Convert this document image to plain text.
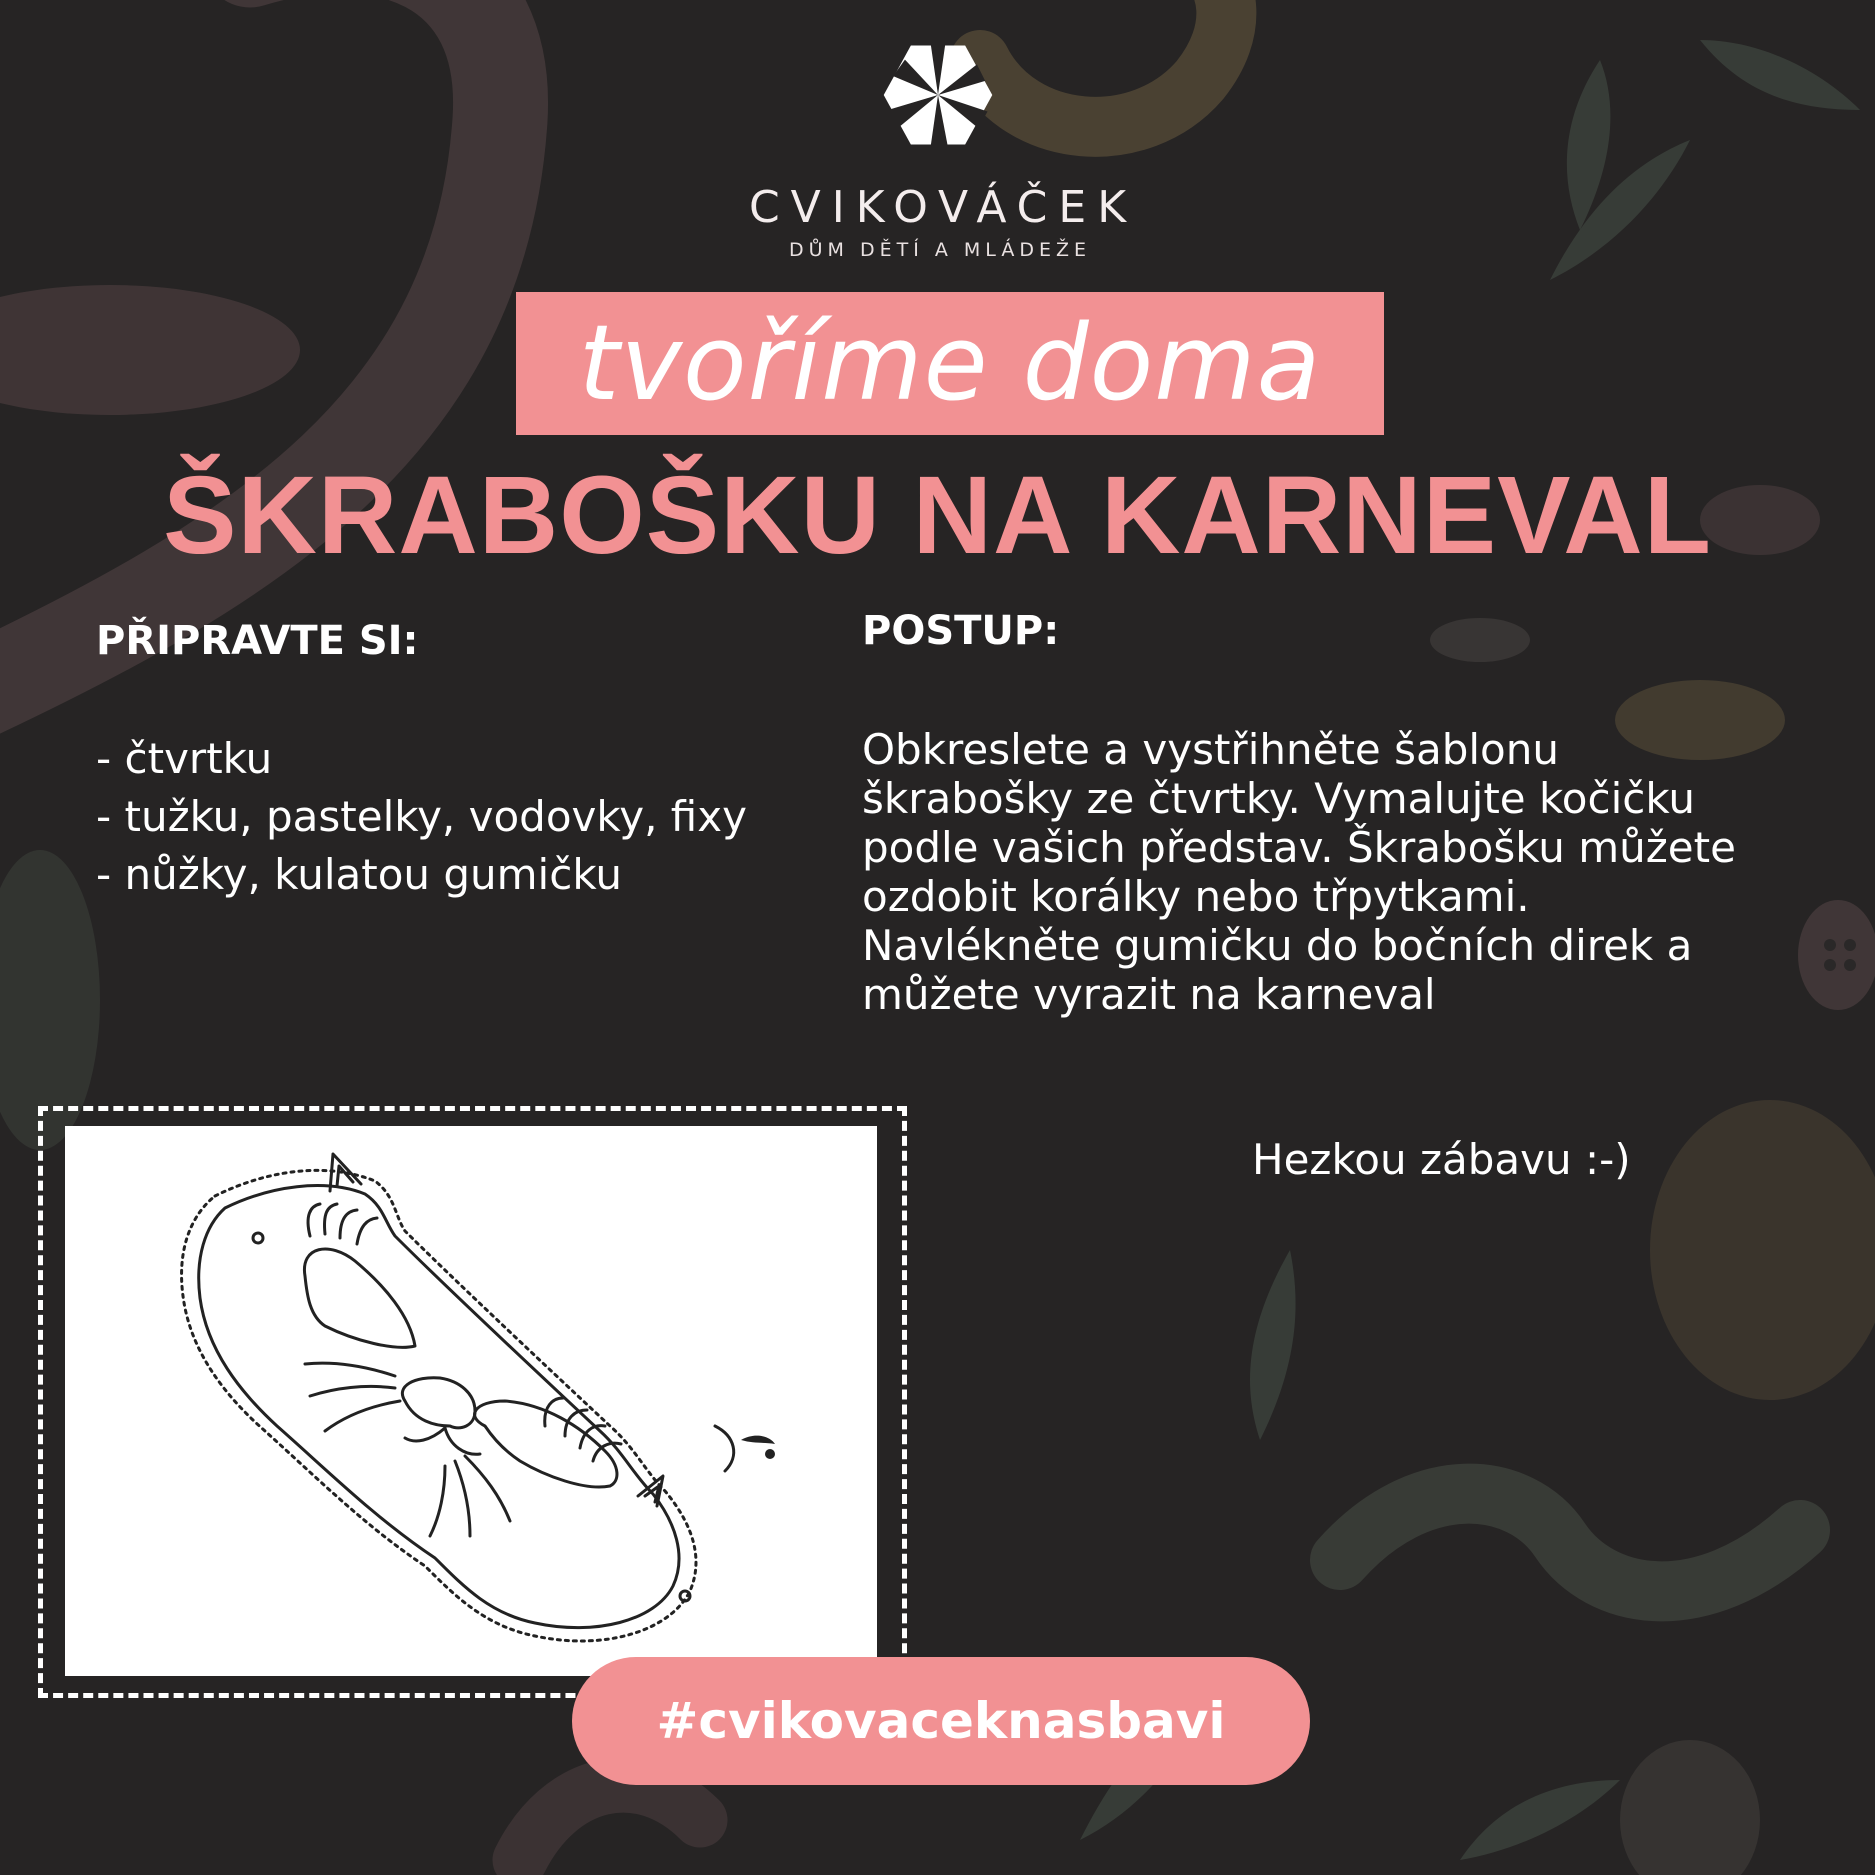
CVIKOVÁČEK
DŮM DĚTÍ A MLÁDEŽE
tvoříme doma
ŠKRABOŠKU NA KARNEVAL
PŘIPRAVTE SI:
- čtvrtku
- tužku, pastelky, vodovky, fixy
- nůžky, kulatou gumičku
POSTUP:

Obkreslete a vystřihněte šablonu škrabošky ze čtvrtky. Vymalujte kočičku podle vašich představ. Škrabošku můžete ozdobit korálky nebo třpytkami. Navlékněte gumičku do bočních direk a můžete vyrazit na karneval

Hezkou zábavu :-)
#cvikovaceknasbavi
